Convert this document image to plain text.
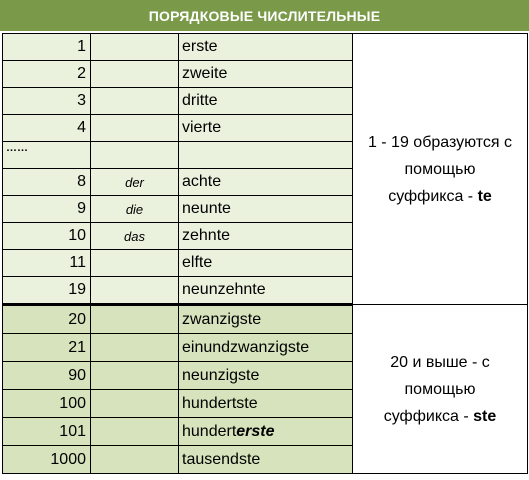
ПОРЯДКОВЫЕ ЧИСЛИТЕЛЬНЫЕ
1		erste	1 - 19 образуются с
помощью
суффикса - te

2		zweite	
3		dritte	
4		vierte	
……			
8	der	achte	
9	die	neunte	
10	das	zehnte	
11		elfte	
19		neunzehnte	
20		zwanzigste	20 и выше - с
помощью
суффикса - ste

21		einundzwanzigste	
90		neunzigste	
100		hundertste	
101		hunderterste	
1000		tausendste	
